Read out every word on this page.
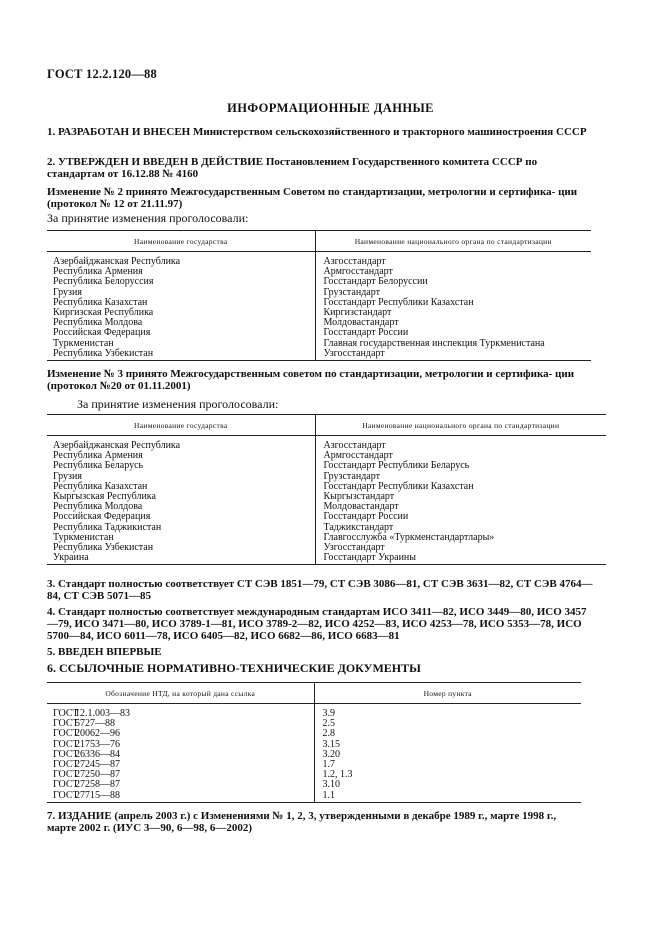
ГОСТ 12.2.120—88
ИНФОРМАЦИОННЫЕ ДАННЫЕ
1. РАЗРАБОТАН И ВНЕСЕН Министерством сельскохозяйственного и тракторного машиностроения СССР
2. УТВЕРЖДЕН И ВВЕДЕН В ДЕЙСТВИЕ Постановлением Государственного комитета СССР по стандартам от 16.12.88 № 4160
Изменение № 2 принято Межгосударственным Советом по стандартизации, метрологии и сертифика- ции (протокол № 12 от 21.11.97)
За принятие изменения проголосовали:
Наименование государства	Наименование национального органа по стандартизации
Азербайджанская Республика	Азгосстандарт
Республика Армения	Армгосстандарт
Республика Белоруссия	Госстандарт Белоруссии
Грузия	Грузстандарт
Республика Казахстан	Госстандарт Республики Казахстан
Киргизская Республика	Киргизстандарт
Республика Молдова	Молдовастандарт
Российская Федерация	Госстандарт России
Туркменистан	Главная государственная инспекция Туркменистана
Республика Узбекистан	Узгосстандарт
Изменение № 3 принято Межгосударственным советом по стандартизации, метрологии и сертифика- ции (протокол №20 от 01.11.2001)
За принятие изменения проголосовали:
Наименование государства	Наименование национального органа по стандартизации
Азербайджанская Республика	Азгосстандарт
Республика Армения	Армгосстандарт
Республика Беларусь	Госстандарт Республики Беларусь
Грузия	Грузстандарт
Республика Казахстан	Госстандарт Республики Казахстан
Кыргызская Республика	Кыргызстандарт
Республика Молдова	Молдовастандарт
Российская Федерация	Госстандарт России
Республика Таджикистан	Таджикстандарт
Туркменистан	Главгосслужба «Туркменстандартлары»
Республика Узбекистан	Узгосстандарт
Украина	Госстандарт Украины
3. Стандарт полностью соответствует СТ СЭВ 1851—79, СТ СЭВ 3086—81, СТ СЭВ 3631—82, СТ СЭВ 4764—84, СТ СЭВ 5071—85
4. Стандарт полностью соответствует международным стандартам ИСО 3411—82, ИСО 3449—80, ИСО 3457—79, ИСО 3471—80, ИСО 3789-1—81, ИСО 3789-2—82, ИСО 4252—83, ИСО 4253—78, ИСО 5353—78, ИСО 5700—84, ИСО 6011—78, ИСО 6405—82, ИСО 6682—86, ИСО 6683—81
5. ВВЕДЕН ВПЕРВЫЕ
6. ССЫЛОЧНЫЕ НОРМАТИВНО-ТЕХНИЧЕСКИЕ ДОКУМЕНТЫ
Обозначение НТД, на который дана ссылка	Номер пункта
ГОСТ12.1.003—83	3.9
ГОСТ5727—88	2.5
ГОСТ20062—96	2.8
ГОСТ21753—76	3.15
ГОСТ26336—84	3.20
ГОСТ27245—87	1.7
ГОСТ27250—87	1.2, 1.3
ГОСТ27258—87	3.10
ГОСТ27715—88	1.1
7. ИЗДАНИЕ (апрель 2003 г.) с Изменениями № 1, 2, 3, утвержденными в декабре 1989 г., марте 1998 г., марте 2002 г. (ИУС 3—90, 6—98, 6—2002)
